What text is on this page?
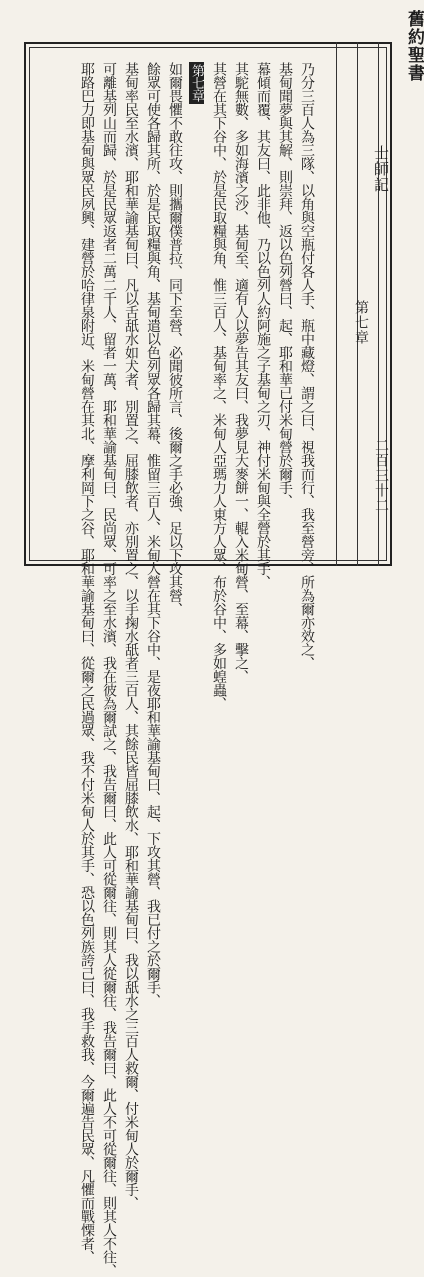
舊約聖書
士師記
第七章
二百三十二
耶路巴力即基甸與眾民夙興、建營於哈律泉附近、米甸營在其北、摩利岡下之谷、耶和華諭基甸曰、從爾之民過眾、我不付米甸人於其手、恐以色列族誇己曰、我手救我、今爾遍告民眾、凡懼而戰慄者、 可離基列山而歸、於是民眾返者二萬二千人、留者一萬、耶和華諭基甸曰、民尚眾、可率之至水濱、我在彼為爾試之、我告爾曰、此人可從爾往、則其人從爾往、我告爾曰、此人不可從爾往、則其人不往、 基甸率民至水濱、耶和華諭基甸曰、凡以舌舐水如犬者、別置之、屈膝飲者、亦別置之、以手掬水舐者三百人、其餘民皆屈膝飲水、耶和華諭基甸曰、我以舐水之三百人救爾、付米甸人於爾手、 餘眾可使各歸其所、於是民取糧與角、基甸遣以色列眾各歸其幕、惟留三百人、米甸人營在其下谷中、是夜耶和華諭基甸曰、起、下攻其營、我已付之於爾手、 如爾畏懼不敢往攻、則攜爾僕普拉、同下至營、必聞彼所言、後爾之手必強、足以下攻其營、 第七章 其營在其下谷中、於是民取糧與角、惟三百人、基甸率之、米甸人亞瑪力人東方人眾、布於谷中、多如蝗蟲、 其駝無數、多如海濱之沙、基甸至、適有人以夢告其友曰、我夢見大麥餅一、輥入米甸營、至幕、擊之、 幕傾而覆、其友曰、此非他、乃以色列人約阿施之子基甸之刃、神付米甸與全營於其手、 基甸聞夢與其解、則崇拜、返以色列營曰、起、耶和華已付米甸營於爾手、 乃分三百人為三隊、以角與空瓶付各人手、瓶中藏燈、謂之曰、視我而行、我至營旁、所為爾亦效之、
